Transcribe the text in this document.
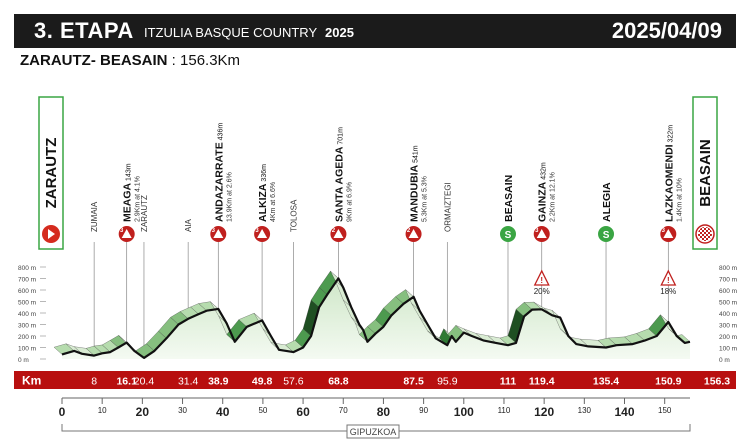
3. ETAPA ITZULIA BASQUE COUNTRY 2025	2025/04/09
ZARAUTZ- BEASAIN : 156.3Km
ZARAUTZ	BEASAIN
800 m
700 m
600 m
500 m
400 m
300 m
200 m
100 m
0 m
800 m
700 m
600 m
500 m
400 m
300 m
200 m
100 m
0 m
ZUMAIA	3
MEAGA 143m
2.9Km at 4.1%
ZARAUTZ	AIA	3
ANDAZARRATE 436m
13.9Km at 2.6%
3
ALKIZA 336m
4Km at 6.6% TOLOSA	2
SANTA AGEDA 701m
9Km at 6.9%
2
MANDUBIA 541m
5.3Km at 5.3% ORMAIZTEGI
S
BEASAIN
3
GAINZA 432m
2.2Km at 12.1%
S
ALEGIA
3
LAZKAOMENDI 322m
1.4Km at 10%
!
20%
!
18%
Km	8 16.1
20.4 31.4 38.9 49.8 57.6 68.8	87.5 95.9	111 119.4	135.4	150.9 156.3
0	10 20	30 40	50 60	70 80	90 100	110 120	130 140	150
GIPUZKOA
